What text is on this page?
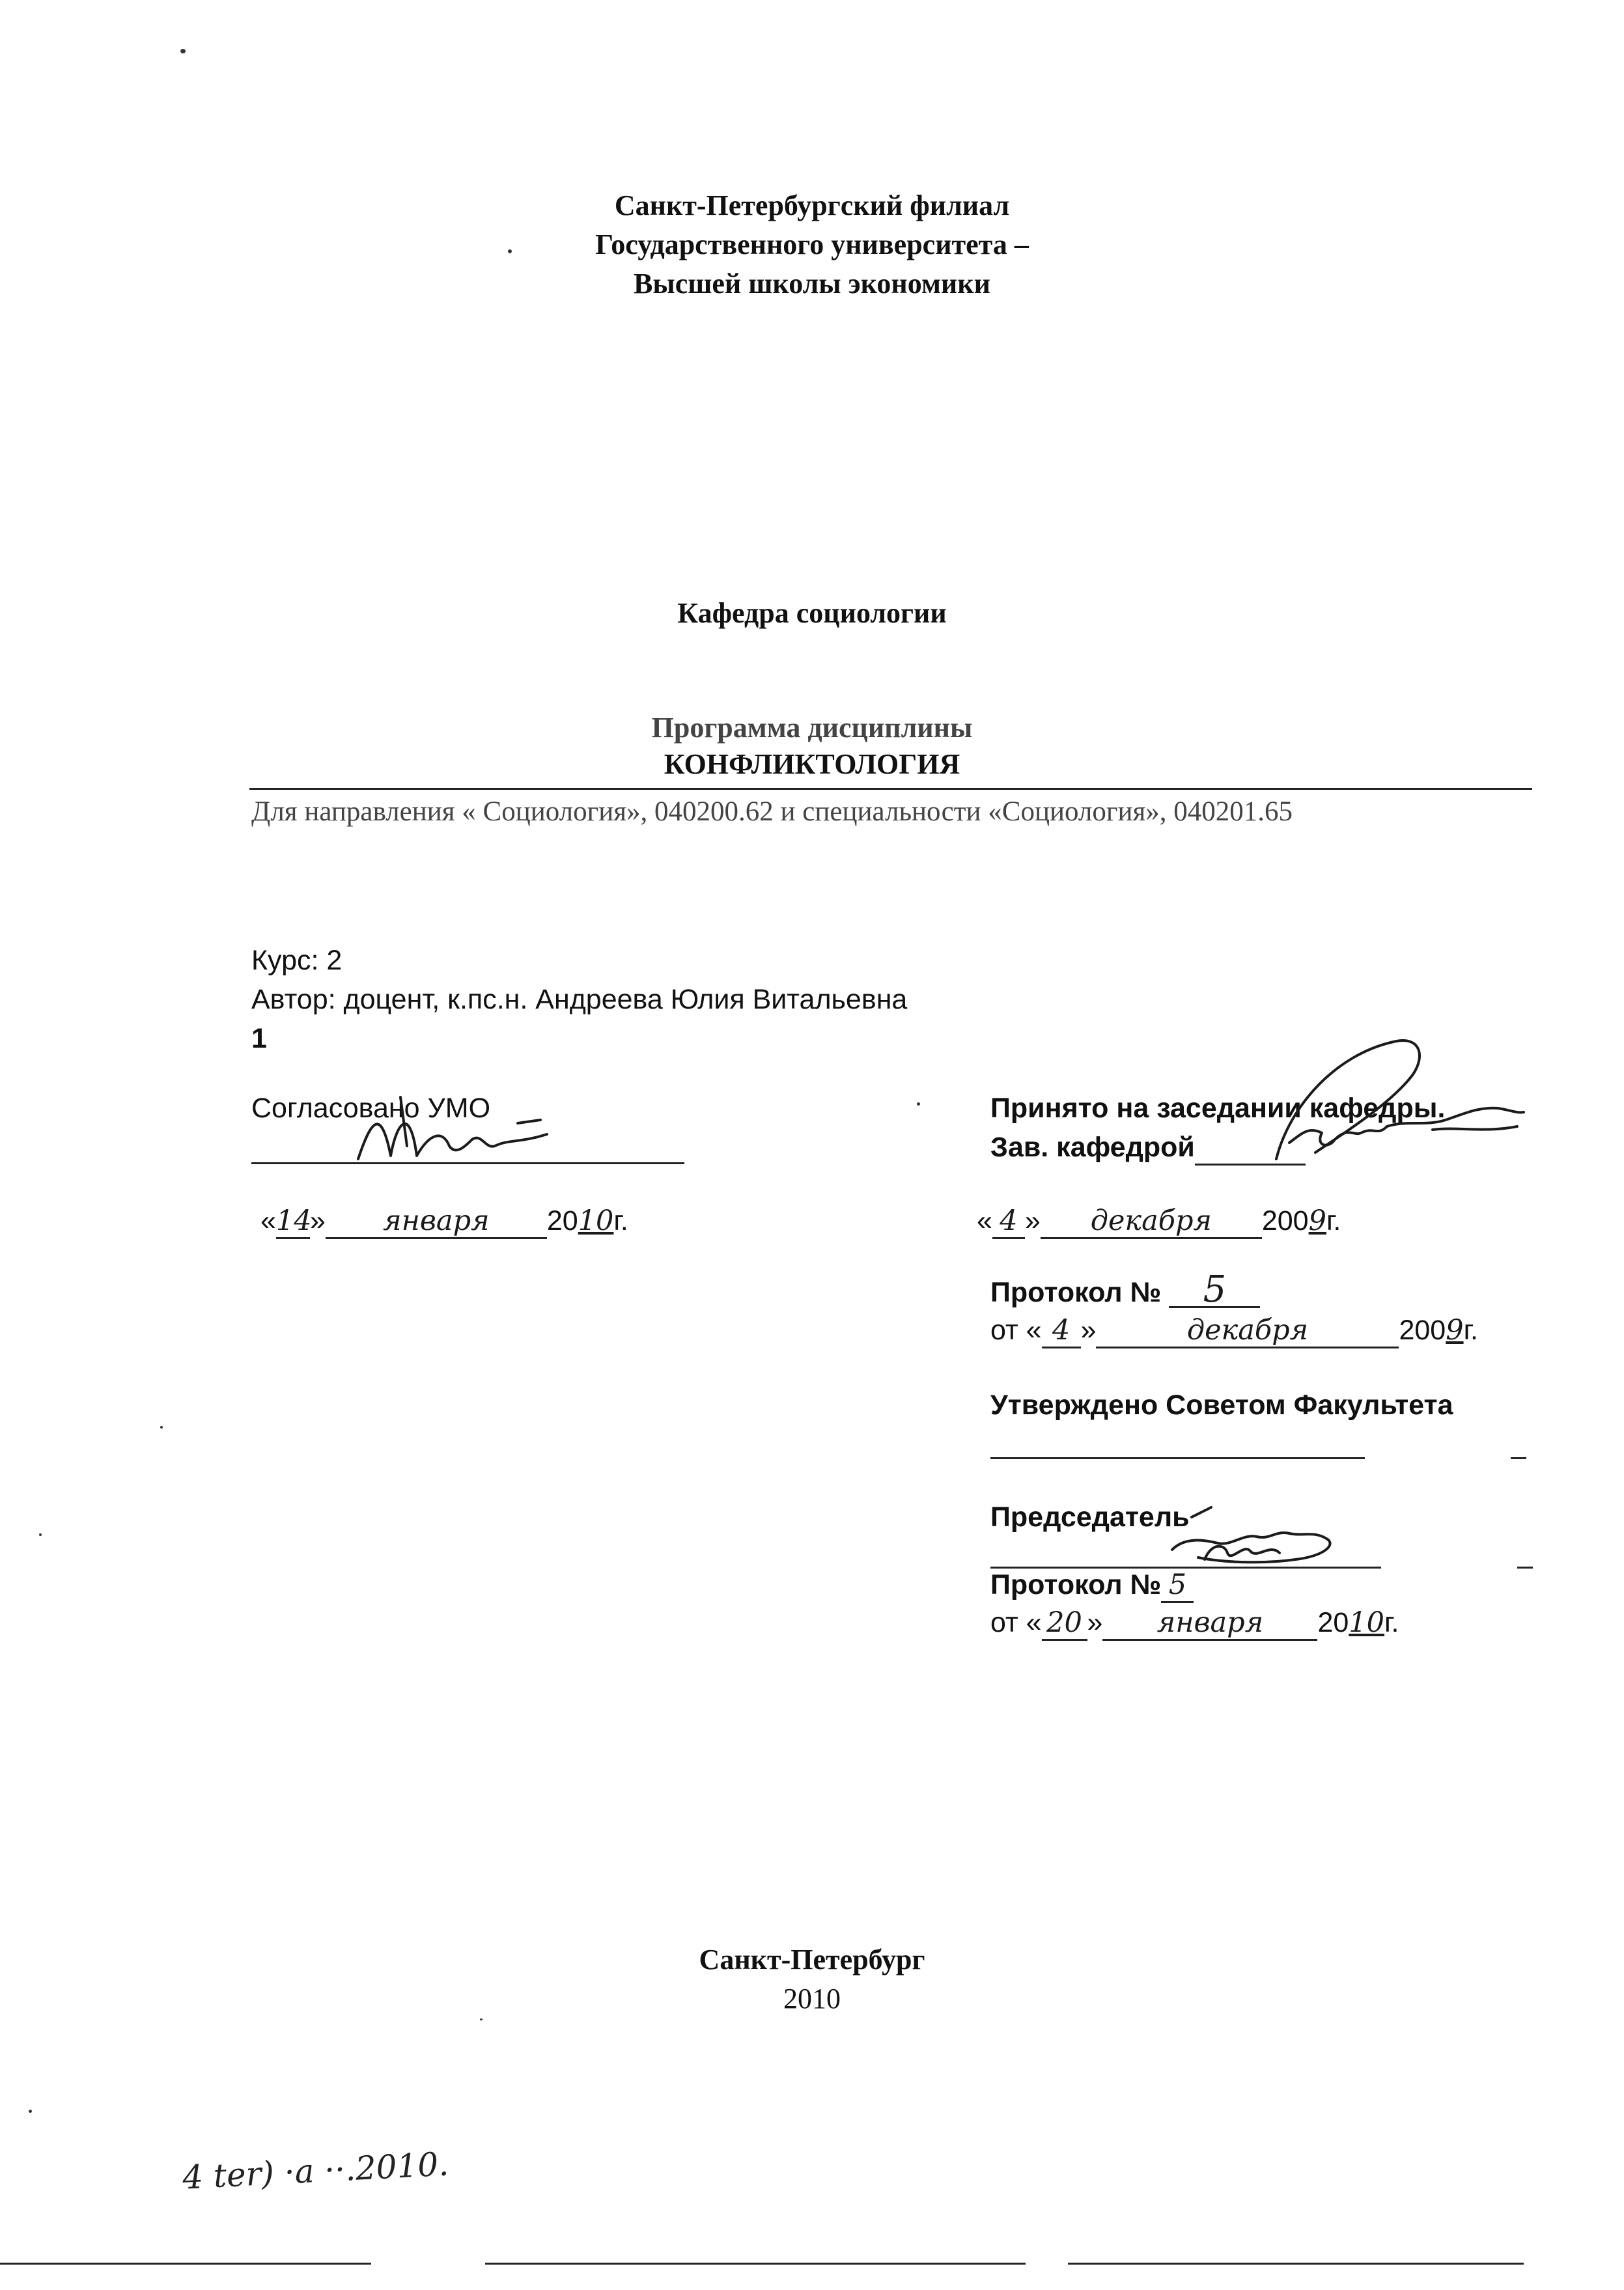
Санкт-Петербургский филиал
Государственного университета –
Высшей школы экономики
Кафедра социологии
Программа дисциплины
КОНФЛИКТОЛОГИЯ
Для направления « Социология», 040200.62 и специальности «Социология», 040201.65
Курс: 2
Автор: доцент, к.пс.н. Андреева Юлия Витальевна
1
Согласовано УМО
«14» января 2010г.
Принято на заседании кафедры.
Зав. кафедрой
« 4 » декабря 2009г.
Протокол № 5
от « 4 »	декабря	2009г.
Утверждено Советом Факультета
Председатель
Протокол № 5
от « 20 » января 2010г.
Санкт-Петербург
2010
4 ter) ·а ··.2010.
